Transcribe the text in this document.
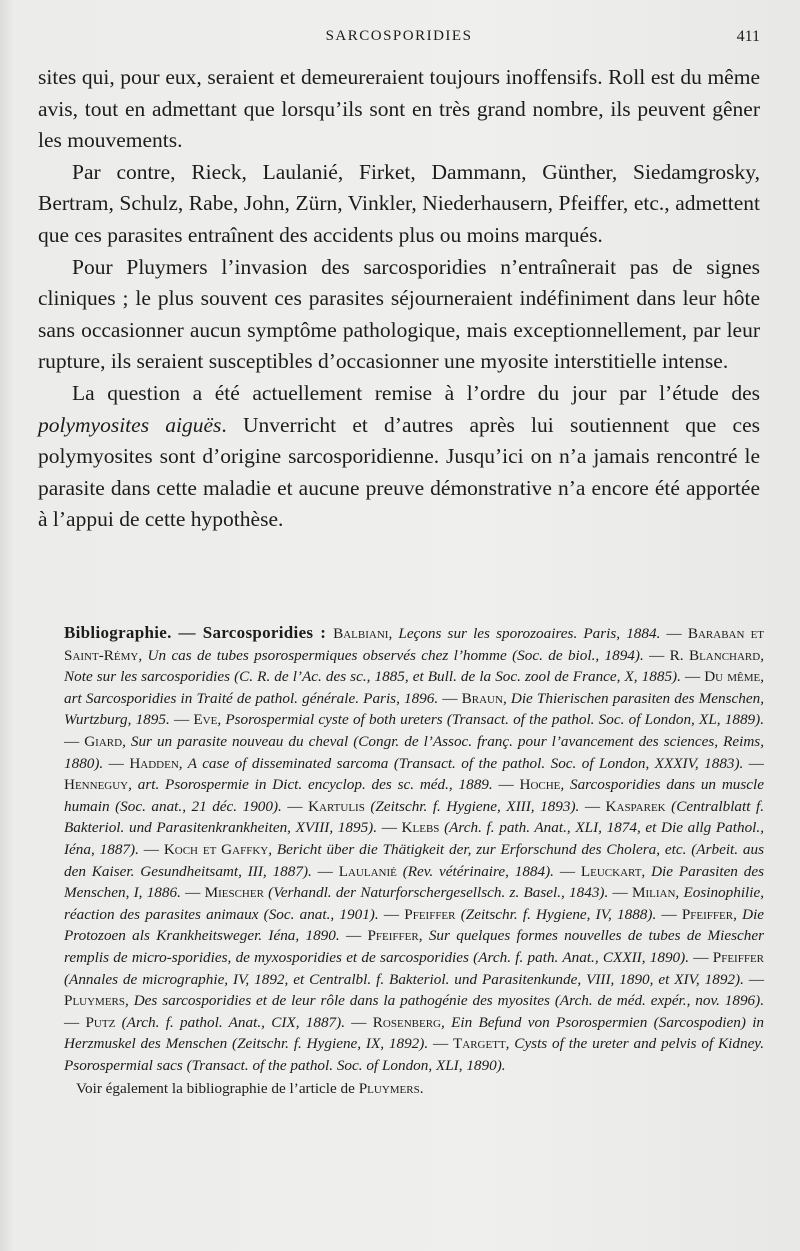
SARCOSPORIDIES	411

sites qui, pour eux, seraient et demeureraient toujours inoffensifs. Roll est du même avis, tout en admettant que lorsqu’ils sont en très grand nombre, ils peuvent gêner les mouvements.

Par contre, Rieck, Laulanié, Firket, Dammann, Günther, Siedamgrosky, Bertram, Schulz, Rabe, John, Zürn, Vinkler, Niederhausern, Pfeiffer, etc., admettent que ces parasites entraînent des accidents plus ou moins marqués.

Pour Pluymers l’invasion des sarcosporidies n’entraînerait pas de signes cliniques ; le plus souvent ces parasites séjourneraient indéfiniment dans leur hôte sans occasionner aucun symptôme pathologique, mais exceptionnellement, par leur rupture, ils seraient susceptibles d’occasionner une myosite interstitielle intense.

La question a été actuellement remise à l’ordre du jour par l’étude des polymyosites aiguës. Unverricht et d’autres après lui soutiennent que ces polymyosites sont d’origine sarcosporidienne. Jusqu’ici on n’a jamais rencontré le parasite dans cette maladie et aucune preuve démonstrative n’a encore été apportée à l’appui de cette hypothèse.

Bibliographie. — Sarcosporidies : Balbiani, Leçons sur les sporozoaires. Paris, 1884. — Baraban et Saint-Rémy, Un cas de tubes psorospermiques observés chez l’homme (Soc. de biol., 1894). — R. Blanchard, Note sur les sarcosporidies (C. R. de l’Ac. des sc., 1885, et Bull. de la Soc. zool de France, X, 1885). — Du même, art Sarcosporidies in Traité de pathol. générale. Paris, 1896. — Braun, Die Thierischen parasiten des Menschen, Wurtzburg, 1895. — Eve, Psorospermial cyste of both ureters (Transact. of the pathol. Soc. of London, XL, 1889). — Giard, Sur un parasite nouveau du cheval (Congr. de l’Assoc. franç. pour l’avancement des sciences, Reims, 1880). — Hadden, A case of disseminated sarcoma (Transact. of the pathol. Soc. of London, XXXIV, 1883). — Henneguy, art. Psorospermie in Dict. encyclop. des sc. méd., 1889. — Hoche, Sarcosporidies dans un muscle humain (Soc. anat., 21 déc. 1900). — Kartulis (Zeitschr. f. Hygiene, XIII, 1893). — Kasparek (Centralblatt f. Bakteriol. und Parasitenkrankheiten, XVIII, 1895). — Klebs (Arch. f. path. Anat., XLI, 1874, et Die allg Pathol., Iéna, 1887). — Koch et Gaffky, Bericht über die Thätigkeit der, zur Erforschund des Cholera, etc. (Arbeit. aus den Kaiser. Gesundheitsamt, III, 1887). — Laulanié (Rev. vétérinaire, 1884). — Leuckart, Die Parasiten des Menschen, I, 1886. — Miescher (Verhandl. der Naturforschergesellsch. z. Basel., 1843). — Milian, Eosinophilie, réaction des parasites animaux (Soc. anat., 1901). — Pfeiffer (Zeitschr. f. Hygiene, IV, 1888). — Pfeiffer, Die Protozoen als Krankheitsweger. Iéna, 1890. — Pfeiffer, Sur quelques formes nouvelles de tubes de Miescher remplis de micro-sporidies, de myxosporidies et de sarcosporidies (Arch. f. path. Anat., CXXII, 1890). — Pfeiffer (Annales de micrographie, IV, 1892, et Centralbl. f. Bakteriol. und Parasitenkunde, VIII, 1890, et XIV, 1892). — Pluymers, Des sarcosporidies et de leur rôle dans la pathogénie des myosites (Arch. de méd. expér., nov. 1896). — Putz (Arch. f. pathol. Anat., CIX, 1887). — Rosenberg, Ein Befund von Psorospermien (Sarcospodien) in Herzmuskel des Menschen (Zeitschr. f. Hygiene, IX, 1892). — Targett, Cysts of the ureter and pelvis of Kidney. Psorospermial sacs (Transact. of the pathol. Soc. of London, XLI, 1890).

Voir également la bibliographie de l’article de Pluymers.
